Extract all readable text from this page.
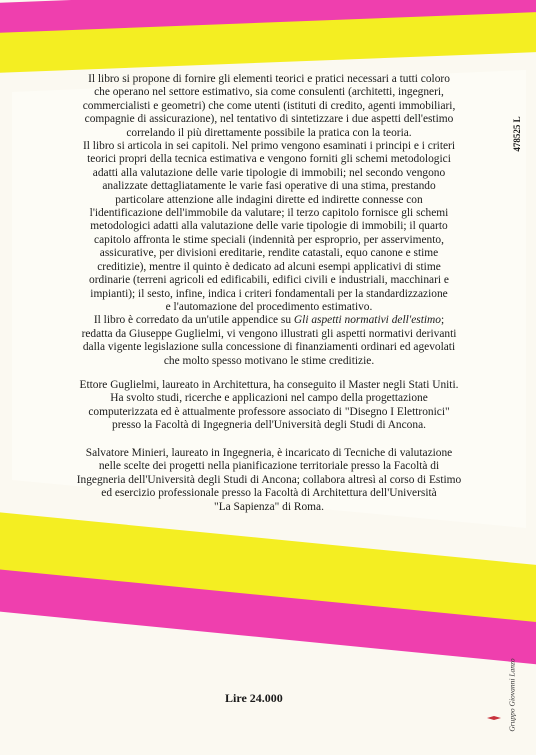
478525 L

Il libro si propone di fornire gli elementi teorici e pratici necessari a tutti coloro
che operano nel settore estimativo, sia come consulenti (architetti, ingegneri,
commercialisti e geometri) che come utenti (istituti di credito, agenti immobiliari,
compagnie di assicurazione), nel tentativo di sintetizzare i due aspetti dell'estimo
correlando il più direttamente possibile la pratica con la teoria.
Il libro si articola in sei capitoli. Nel primo vengono esaminati i principi e i criteri
teorici propri della tecnica estimativa e vengono forniti gli schemi metodologici
adatti alla valutazione delle varie tipologie di immobili; nel secondo vengono
analizzate dettagliatamente le varie fasi operative di una stima, prestando
particolare attenzione alle indagini dirette ed indirette connesse con
l'identificazione dell'immobile da valutare; il terzo capitolo fornisce gli schemi
metodologici adatti alla valutazione delle varie tipologie di immobili; il quarto
capitolo affronta le stime speciali (indennità per esproprio, per asservimento,
assicurative, per divisioni ereditarie, rendite catastali, equo canone e stime
creditizie), mentre il quinto è dedicato ad alcuni esempi applicativi di stime
ordinarie (terreni agricoli ed edificabili, edifici civili e industriali, macchinari e
impianti); il sesto, infine, indica i criteri fondamentali per la standardizzazione
e l'automazione del procedimento estimativo.
Il libro è corredato da un'utile appendice su Gli aspetti normativi dell'estimo;
redatta da Giuseppe Guglielmi, vi vengono illustrati gli aspetti normativi derivanti
dalla vigente legislazione sulla concessione di finanziamenti ordinari ed agevolati
che molto spesso motivano le stime creditizie.

Ettore Guglielmi, laureato in Architettura, ha conseguito il Master negli Stati Uniti.
Ha svolto studi, ricerche e applicazioni nel campo della progettazione
computerizzata ed è attualmente professore associato di "Disegno I Elettronici"
presso la Facoltà di Ingegneria dell'Università degli Studi di Ancona.

Salvatore Minieri, laureato in Ingegneria, è incaricato di Tecniche di valutazione
nelle scelte dei progetti nella pianificazione territoriale presso la Facoltà di
Ingegneria dell'Università degli Studi di Ancona; collabora altresì al corso di Estimo
ed esercizio professionale presso la Facoltà di Architettura dell'Università
"La Sapienza" di Roma.

Lire 24.000	Gruppo Giovanni Lanzo
